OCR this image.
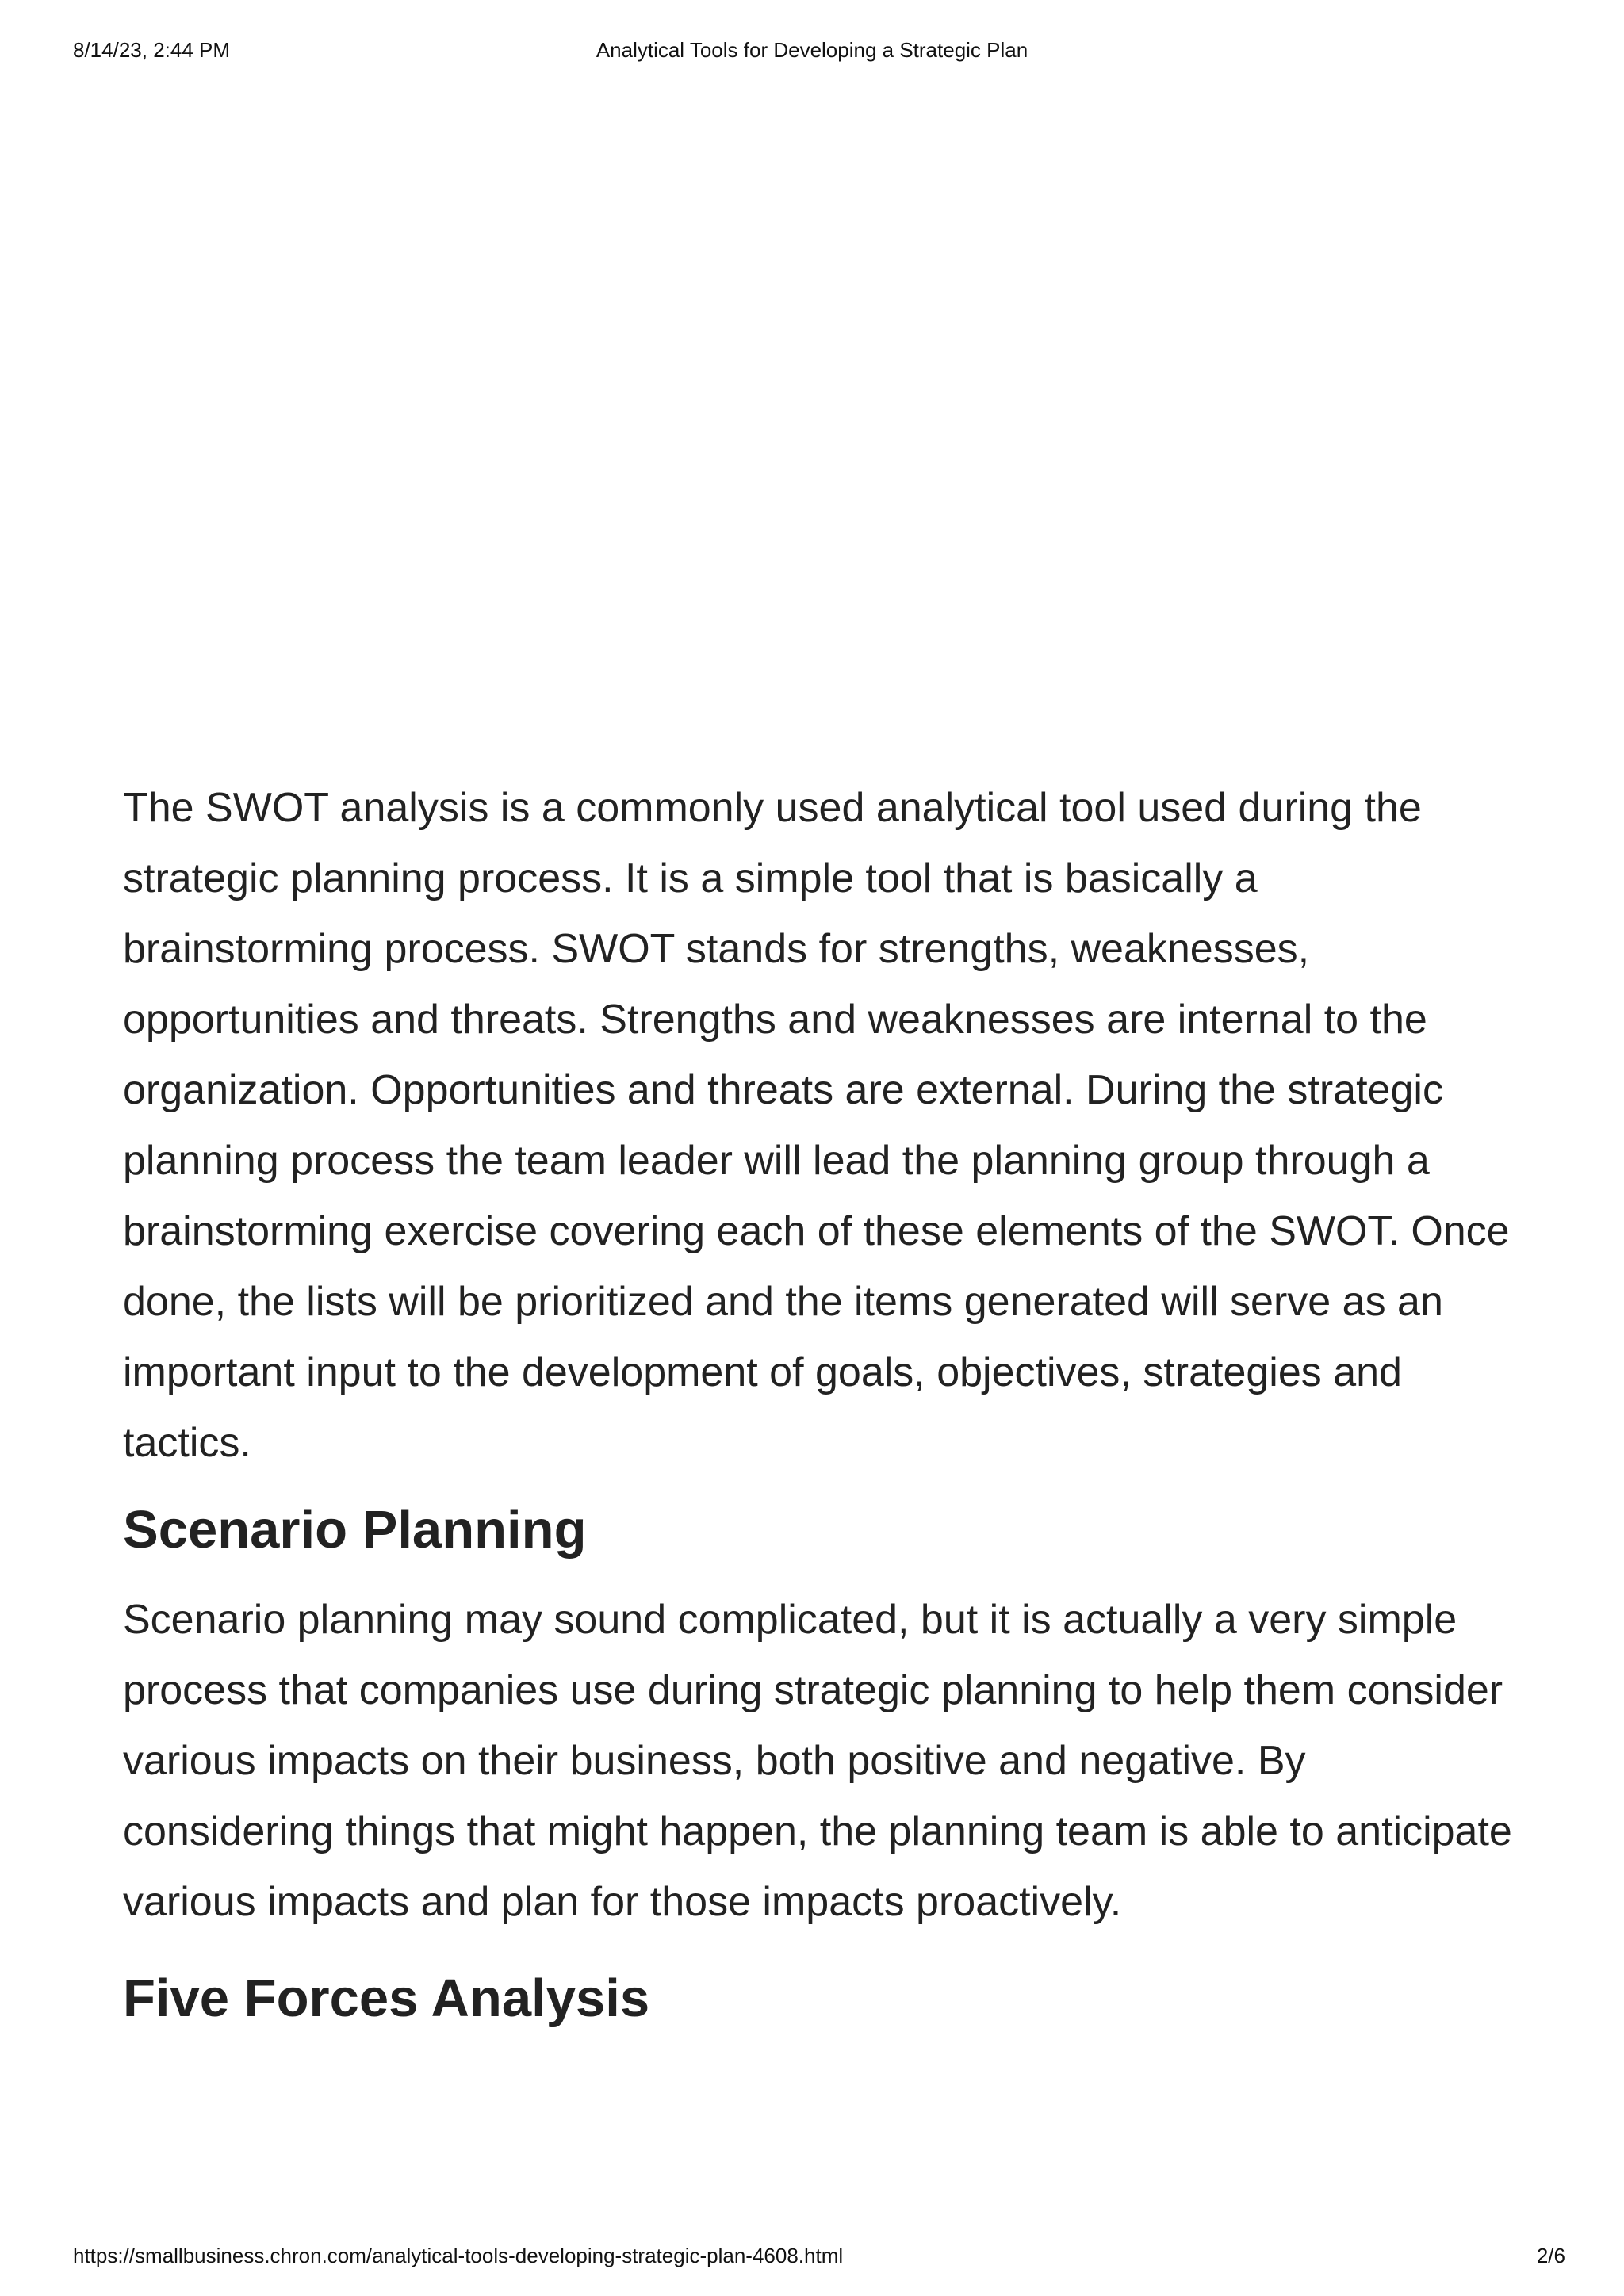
8/14/23, 2:44 PM	Analytical Tools for Developing a Strategic Plan

The SWOT analysis is a commonly used analytical tool used during the strategic planning process. It is a simple tool that is basically a brainstorming process. SWOT stands for strengths, weaknesses, opportunities and threats. Strengths and weaknesses are internal to the organization. Opportunities and threats are external. During the strategic planning process the team leader will lead the planning group through a brainstorming exercise covering each of these elements of the SWOT. Once done, the lists will be prioritized and the items generated will serve as an important input to the development of goals, objectives, strategies and tactics.

Scenario Planning

Scenario planning may sound complicated, but it is actually a very simple process that companies use during strategic planning to help them consider various impacts on their business, both positive and negative. By considering things that might happen, the planning team is able to anticipate various impacts and plan for those impacts proactively.

Five Forces Analysis
https://smallbusiness.chron.com/analytical-tools-developing-strategic-plan-4608.html	2/6
